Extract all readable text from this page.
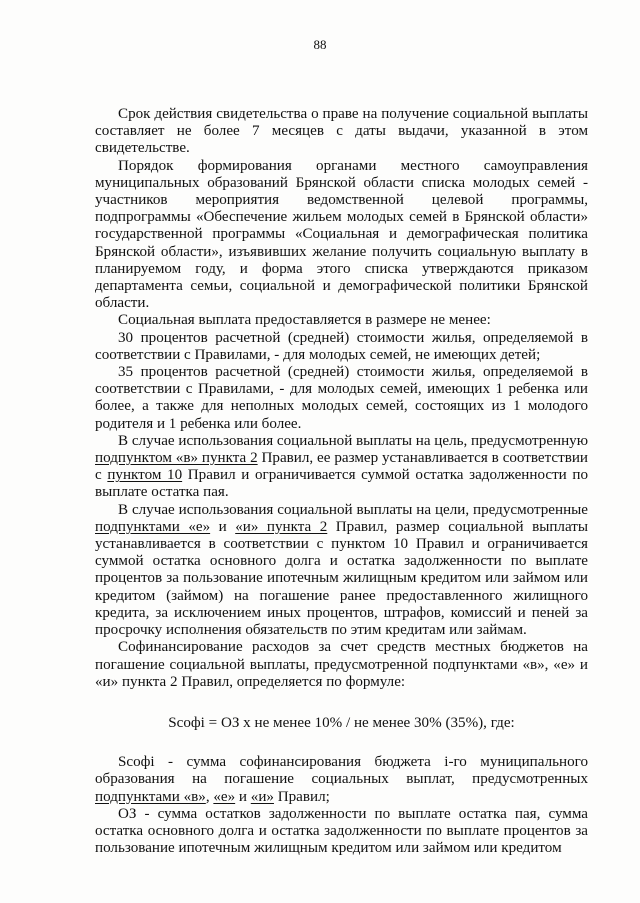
88

Срок действия свидетельства о праве на получение социальной выплаты составляет не более 7 месяцев с даты выдачи, указанной в этом свидетельстве.

Порядок формирования органами местного самоуправления муниципальных образований Брянской области списка молодых семей - участников мероприятия ведомственной целевой программы, подпрограммы «Обеспечение жильем молодых семей в Брянской области» государственной программы «Социальная и демографическая политика Брянской области», изъявивших желание получить социальную выплату в планируемом году, и форма этого списка утверждаются приказом департамента семьи, социальной и демографической политики Брянской области.

Социальная выплата предоставляется в размере не менее:

30 процентов расчетной (средней) стоимости жилья, определяемой в соответствии с Правилами, - для молодых семей, не имеющих детей;

35 процентов расчетной (средней) стоимости жилья, определяемой в соответствии с Правилами, - для молодых семей, имеющих 1 ребенка или более, а также для неполных молодых семей, состоящих из 1 молодого родителя и 1 ребенка или более.

В случае использования социальной выплаты на цель, предусмотренную подпунктом «в» пункта 2 Правил, ее размер устанавливается в соответствии с пунктом 10 Правил и ограничивается суммой остатка задолженности по выплате остатка пая.

В случае использования социальной выплаты на цели, предусмотренные подпунктами «е» и «и» пункта 2 Правил, размер социальной выплаты устанавливается в соответствии с пунктом 10 Правил и ограничивается суммой остатка основного долга и остатка задолженности по выплате процентов за пользование ипотечным жилищным кредитом или займом или кредитом (займом) на погашение ранее предоставленного жилищного кредита, за исключением иных процентов, штрафов, комиссий и пеней за просрочку исполнения обязательств по этим кредитам или займам.

Софинансирование расходов за счет средств местных бюджетов на погашение социальной выплаты, предусмотренной подпунктами «в», «е» и «и» пункта 2 Правил, определяется по формуле:

Scoфi = ОЗ x не менее 10% / не менее 30% (35%), где:

Scoфi - сумма софинансирования бюджета i-го муниципального образования на погашение социальных выплат, предусмотренных подпунктами «в», «е» и «и» Правил;

ОЗ - сумма остатков задолженности по выплате остатка пая, сумма остатка основного долга и остатка задолженности по выплате процентов за пользование ипотечным жилищным кредитом или займом или кредитом
